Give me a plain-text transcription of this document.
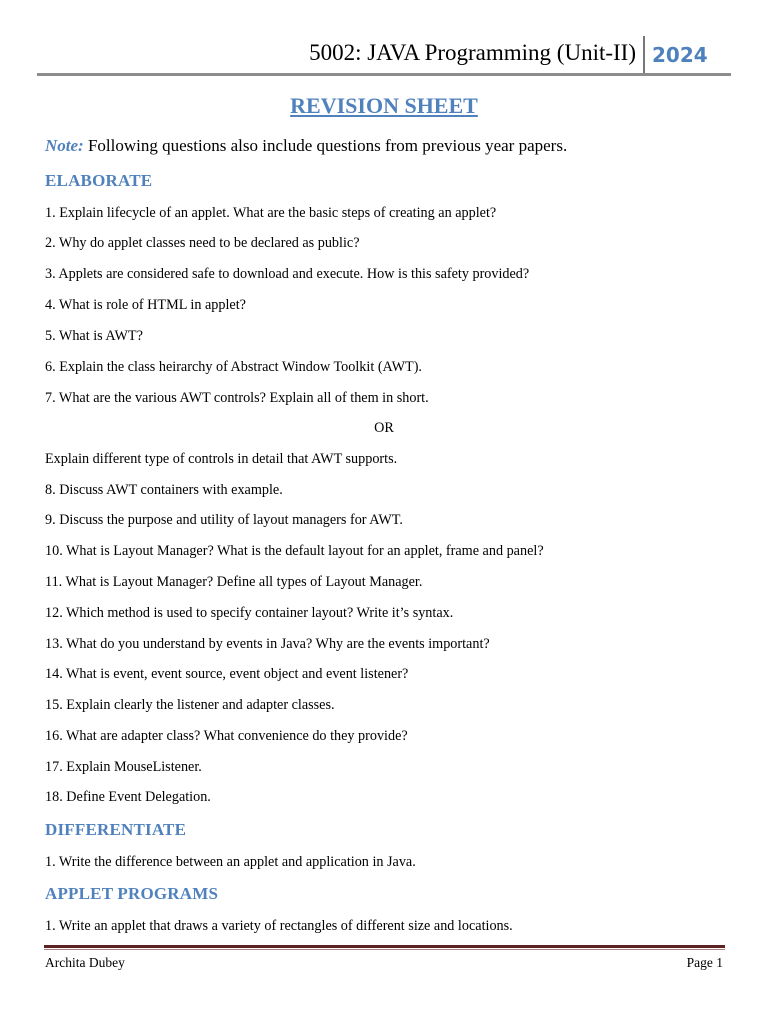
5002: JAVA Programming (Unit-II) 2024
REVISION SHEET
Note: Following questions also include questions from previous year papers.
ELABORATE
1. Explain lifecycle of an applet. What are the basic steps of creating an applet?
2. Why do applet classes need to be declared as public?
3. Applets are considered safe to download and execute. How is this safety provided?
4. What is role of HTML in applet?
5. What is AWT?
6. Explain the class heirarchy of Abstract Window Toolkit (AWT).
7. What are the various AWT controls? Explain all of them in short.
OR
Explain different type of controls in detail that AWT supports.
8. Discuss AWT containers with example.
9. Discuss the purpose and utility of layout managers for AWT.
10. What is Layout Manager? What is the default layout for an applet, frame and panel?
11. What is Layout Manager? Define all types of Layout Manager.
12. Which method is used to specify container layout? Write it’s syntax.
13. What do you understand by events in Java? Why are the events important?
14. What is event, event source, event object and event listener?
15. Explain clearly the listener and adapter classes.
16. What are adapter class? What convenience do they provide?
17. Explain MouseListener.
18. Define Event Delegation.
DIFFERENTIATE
1. Write the difference between an applet and application in Java.
APPLET PROGRAMS
1. Write an applet that draws a variety of rectangles of different size and locations.
Archita Dubey	Page 1
